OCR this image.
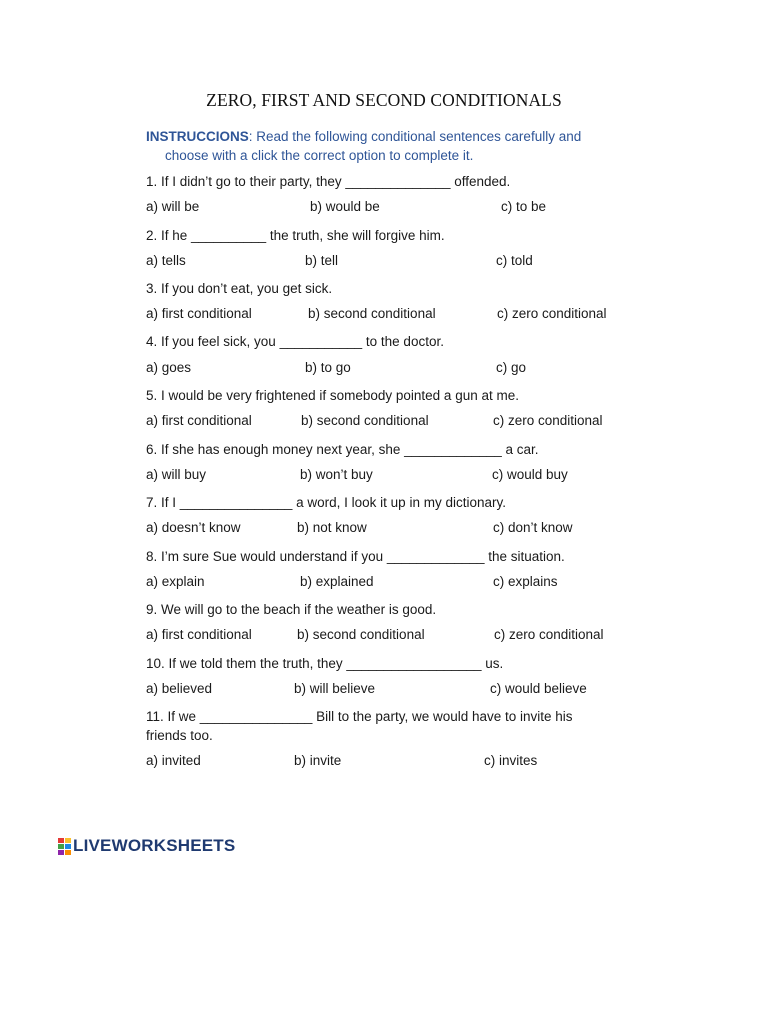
ZERO, FIRST AND SECOND CONDITIONALS
INSTRUCCIONS: Read the following conditional sentences carefully and
choose with a click the correct option to complete it.
1. If I didn’t go to their party, they ______________ offended.
a) will be	b) would be	c) to be
2. If he __________ the truth, she will forgive him.
a) tells	b) tell	c) told
3. If you don’t eat, you get sick.
a) first conditional	b) second conditional	c) zero conditional
4. If you feel sick, you ___________ to the doctor.
a) goes	b) to go	c) go
5. I would be very frightened if somebody pointed a gun at me.
a) first conditional	b) second conditional	c) zero conditional
6. If she has enough money next year, she _____________ a car.
a) will buy	b) won’t buy	c) would buy
7. If I _______________ a word, I look it up in my dictionary.
a) doesn’t know	b) not know	c) don’t know
8. I’m sure Sue would understand if you _____________ the situation.
a) explain	b) explained	c) explains
9. We will go to the beach if the weather is good.
a) first conditional	b) second conditional	c) zero conditional
10. If we told them the truth, they __________________ us.
a) believed	b) will believe	c) would believe
11. If we _______________ Bill to the party, we would have to invite his friends too.
a) invited	b) invite	c) invites
LIVEWORKSHEETS
